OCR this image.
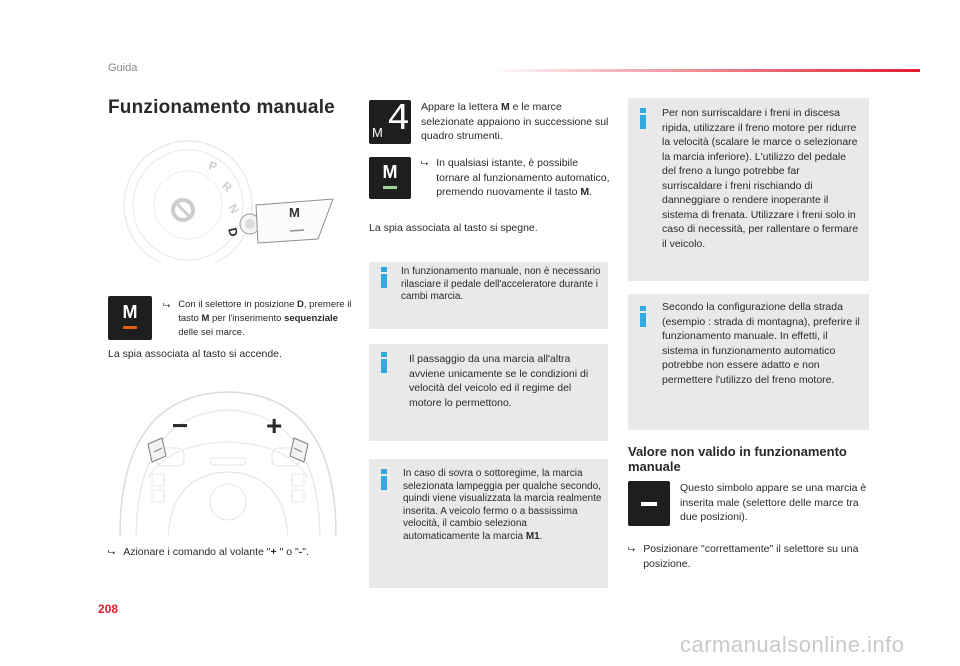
Guida
Funzionamento manuale
P
R
N
D
M
M	⮡ Con il selettore in posizione D, premere il tasto M per l'inserimento sequenziale delle sei marce.
La spia associata al tasto si accende.
−	+
⮡ Azionare i comando al volante "+ " o "-".
M 4 Appare la lettera M e le marce selezionate appaiono in successione sul quadro strumenti.
M	⮡ In qualsiasi istante, è possibile tornare al funzionamento automatico, premendo nuovamente il tasto M.
La spia associata al tasto si spegne.
In funzionamento manuale, non è necessario rilasciare il pedale dell'acceleratore durante i cambi marcia.
Il passaggio da una marcia all'altra avviene unicamente se le condizioni di velocità del veicolo ed il regime del motore lo permettono.
In caso di sovra o sottoregime, la marcia selezionata lampeggia per qualche secondo, quindi viene visualizzata la marcia realmente inserita. A veicolo fermo o a bassissima velocità, il cambio seleziona automaticamente la marcia M1.
Per non surriscaldare i freni in discesa ripida, utilizzare il freno motore per ridurre la velocità (scalare le marce o selezionare la marcia inferiore). L'utilizzo del pedale del freno a lungo potrebbe far surriscaldare i freni rischiando di danneggiare o rendere inoperante il sistema di frenata. Utilizzare i freni solo in caso di necessità, per rallentare o fermare il veicolo.
Secondo la configurazione della strada (esempio : strada di montagna), preferire il funzionamento manuale. In effetti, il sistema in funzionamento automatico potrebbe non essere adatto e non permettere l'utilizzo del freno motore.
Valore non valido in funzionamento manuale
Questo simbolo appare se una marcia è inserita male (selettore delle marce tra due posizioni).
⮡ Posizionare "correttamente" il selettore su una posizione.
208
carmanualsonline.info
